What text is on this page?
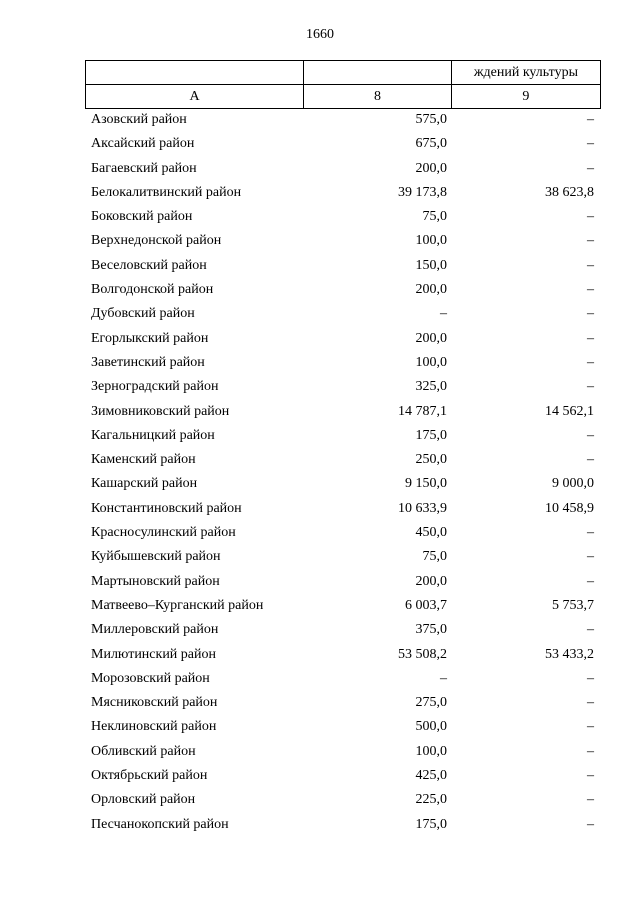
1660
		ждений культуры
А	8	9
Азовский район	575,0	–
Аксайский район	675,0	–
Багаевский район	200,0	–
Белокалитвинский район	39 173,8	38 623,8
Боковский район	75,0	–
Верхнедонской район	100,0	–
Веселовский район	150,0	–
Волгодонской район	200,0	–
Дубовский район	–	–
Егорлыкский район	200,0	–
Заветинский район	100,0	–
Зерноградский район	325,0	–
Зимовниковский район	14 787,1	14 562,1
Кагальницкий район	175,0	–
Каменский район	250,0	–
Кашарский район	9 150,0	9 000,0
Константиновский район	10 633,9	10 458,9
Красносулинский район	450,0	–
Куйбышевский район	75,0	–
Мартыновский район	200,0	–
Матвеево–Курганский район	6 003,7	5 753,7
Миллеровский район	375,0	–
Милютинский район	53 508,2	53 433,2
Морозовский район	–	–
Мясниковский район	275,0	–
Неклиновский район	500,0	–
Обливский район	100,0	–
Октябрьский район	425,0	–
Орловский район	225,0	–
Песчанокопский район	175,0	–
